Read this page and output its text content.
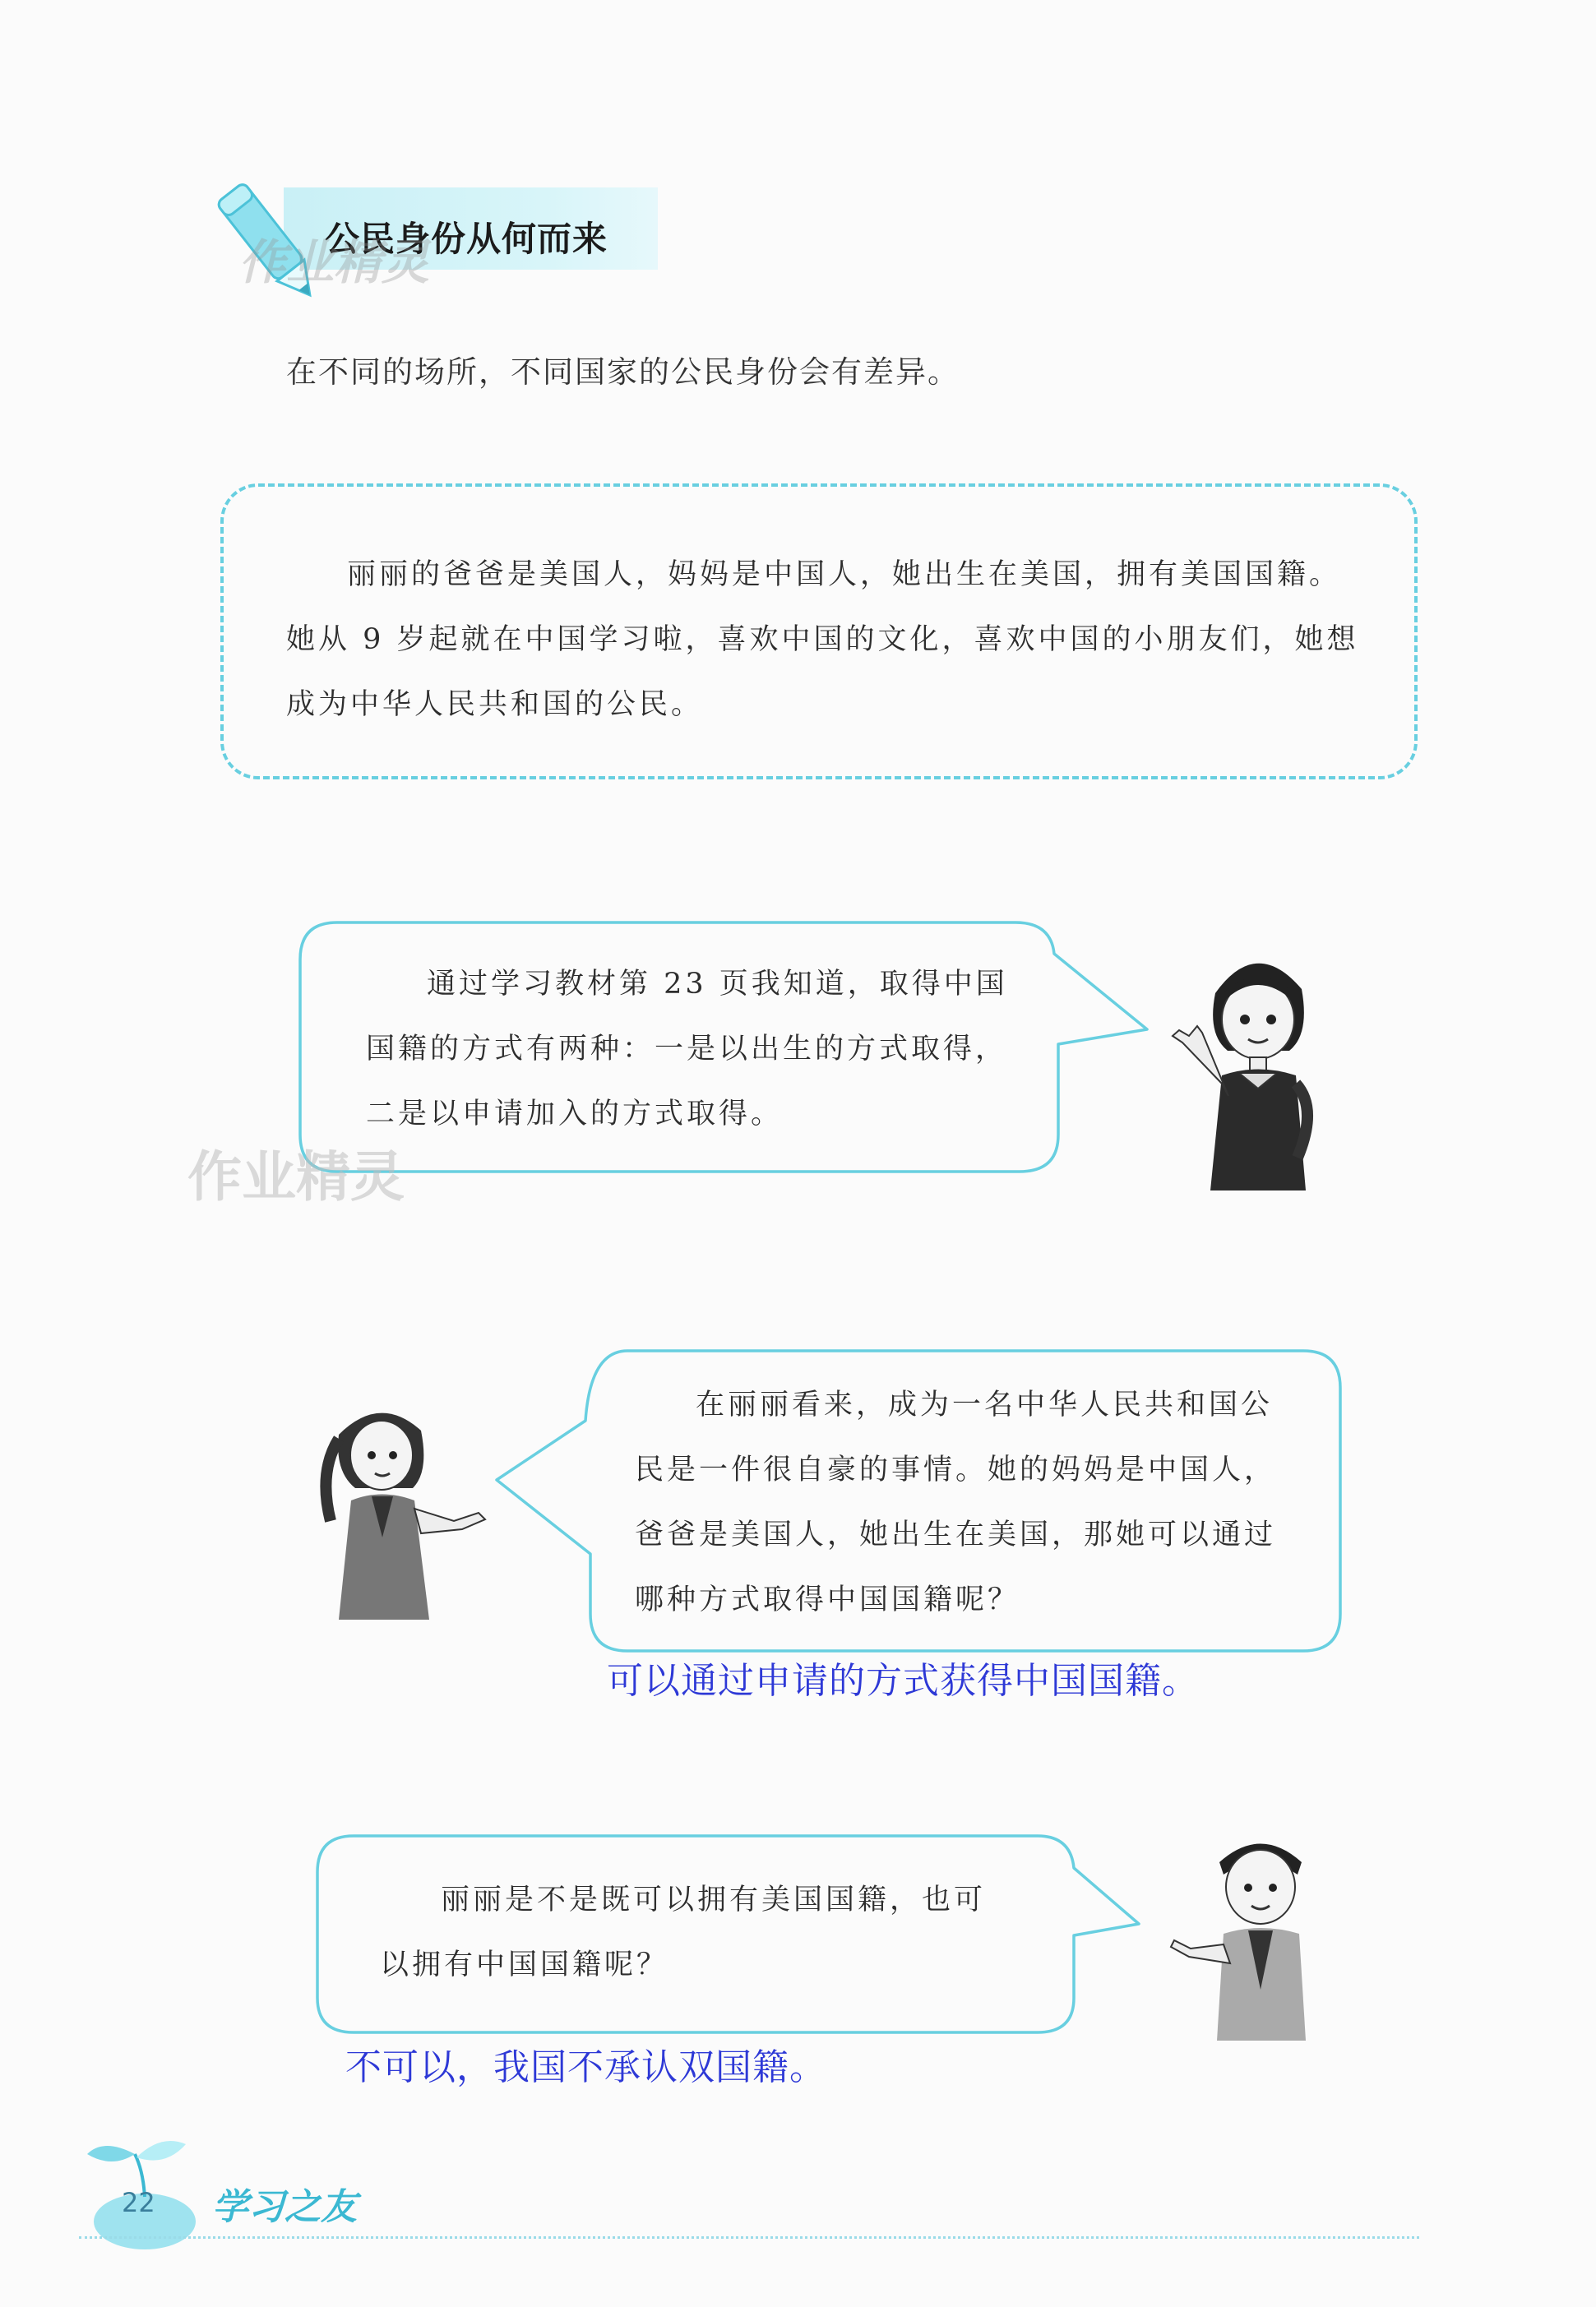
公民身份从何而来
作业精灵
在不同的场所，不同国家的公民身份会有差异。
丽丽的爸爸是美国人，妈妈是中国人，她出生在美国，拥有美国国籍。
她从 9 岁起就在中国学习啦，喜欢中国的文化，喜欢中国的小朋友们，她想
成为中华人民共和国的公民。
通过学习教材第 23 页我知道，取得中国
国籍的方式有两种：一是以出生的方式取得，
二是以申请加入的方式取得。
作业精灵
在丽丽看来，成为一名中华人民共和国公
民是一件很自豪的事情。她的妈妈是中国人，
爸爸是美国人，她出生在美国，那她可以通过
哪种方式取得中国国籍呢？
可以通过申请的方式获得中国国籍。
丽丽是不是既可以拥有美国国籍，也可
以拥有中国国籍呢？
不可以，我国不承认双国籍。
22 学习之友
